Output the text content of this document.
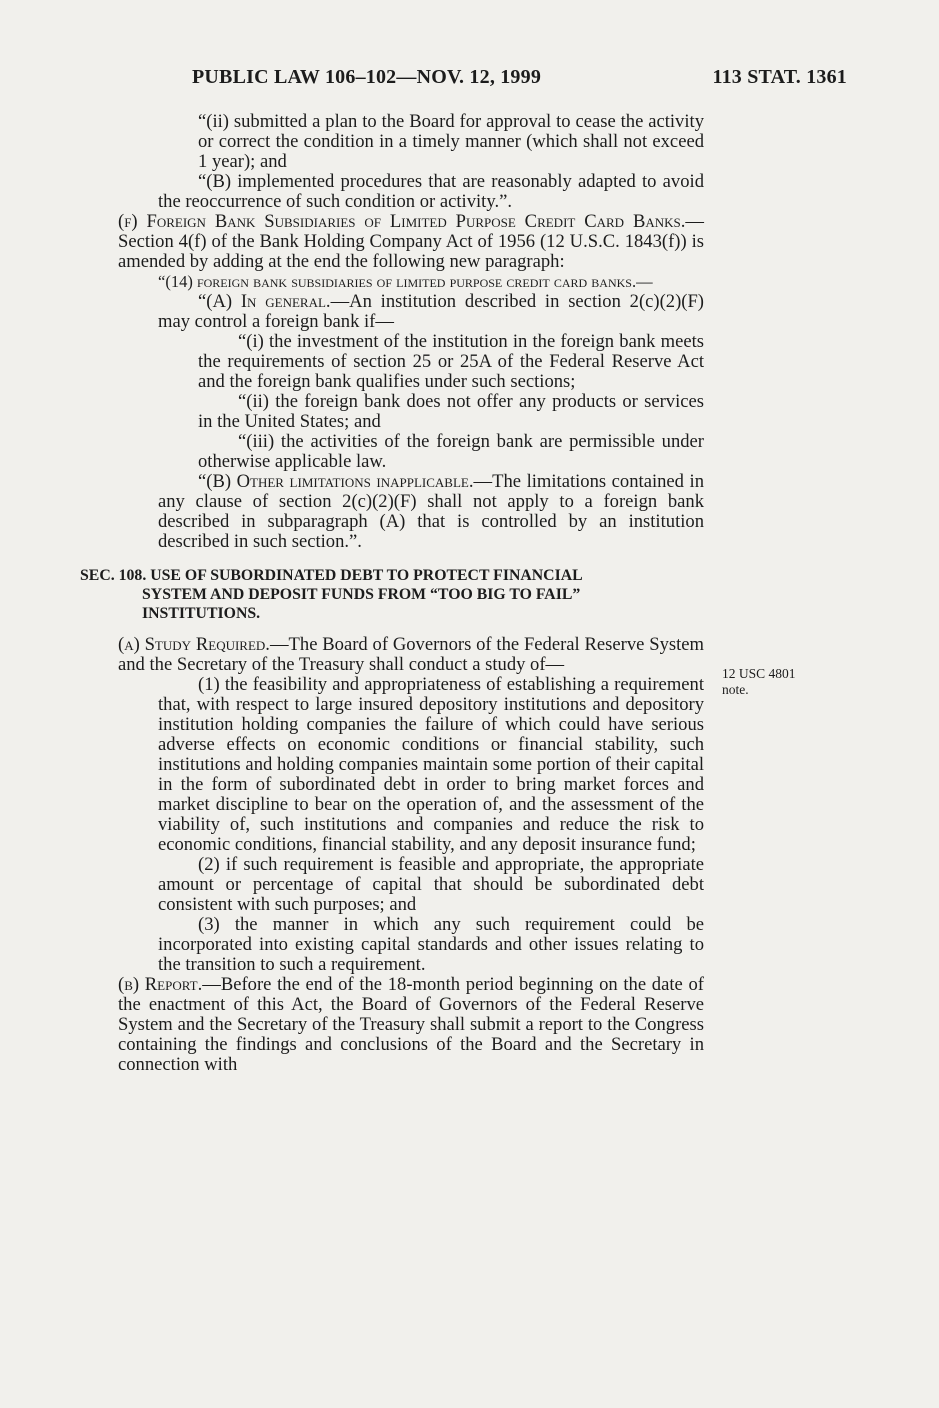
PUBLIC LAW 106–102—NOV. 12, 1999	113 STAT. 1361
12 USC 4801
note.

“(ii) submitted a plan to the Board for approval to cease the activity or correct the condition in a timely manner (which shall not exceed 1 year); and

“(B) implemented procedures that are reasonably adapted to avoid the reoccurrence of such condition or activity.”.

(f) Foreign Bank Subsidiaries of Limited Purpose Credit Card Banks.—Section 4(f) of the Bank Holding Company Act of 1956 (12 U.S.C. 1843(f)) is amended by adding at the end the following new paragraph:

“(14) foreign bank subsidiaries of limited purpose credit card banks.—

“(A) In general.—An institution described in section 2(c)(2)(F) may control a foreign bank if—

“(i) the investment of the institution in the foreign bank meets the requirements of section 25 or 25A of the Federal Reserve Act and the foreign bank qualifies under such sections;

“(ii) the foreign bank does not offer any products or services in the United States; and

“(iii) the activities of the foreign bank are permissible under otherwise applicable law.

“(B) Other limitations inapplicable.—The limitations contained in any clause of section 2(c)(2)(F) shall not apply to a foreign bank described in subparagraph (A) that is controlled by an institution described in such section.”.

SEC. 108. USE OF SUBORDINATED DEBT TO PROTECT FINANCIAL
SYSTEM AND DEPOSIT FUNDS FROM “TOO BIG TO FAIL”
INSTITUTIONS.

(a) Study Required.—The Board of Governors of the Federal Reserve System and the Secretary of the Treasury shall conduct a study of—

(1) the feasibility and appropriateness of establishing a requirement that, with respect to large insured depository institutions and depository institution holding companies the failure of which could have serious adverse effects on economic conditions or financial stability, such institutions and holding companies maintain some portion of their capital in the form of subordinated debt in order to bring market forces and market discipline to bear on the operation of, and the assessment of the viability of, such institutions and companies and reduce the risk to economic conditions, financial stability, and any deposit insurance fund;

(2) if such requirement is feasible and appropriate, the appropriate amount or percentage of capital that should be subordinated debt consistent with such purposes; and

(3) the manner in which any such requirement could be incorporated into existing capital standards and other issues relating to the transition to such a requirement.

(b) Report.—Before the end of the 18-month period beginning on the date of the enactment of this Act, the Board of Governors of the Federal Reserve System and the Secretary of the Treasury shall submit a report to the Congress containing the findings and conclusions of the Board and the Secretary in connection with
